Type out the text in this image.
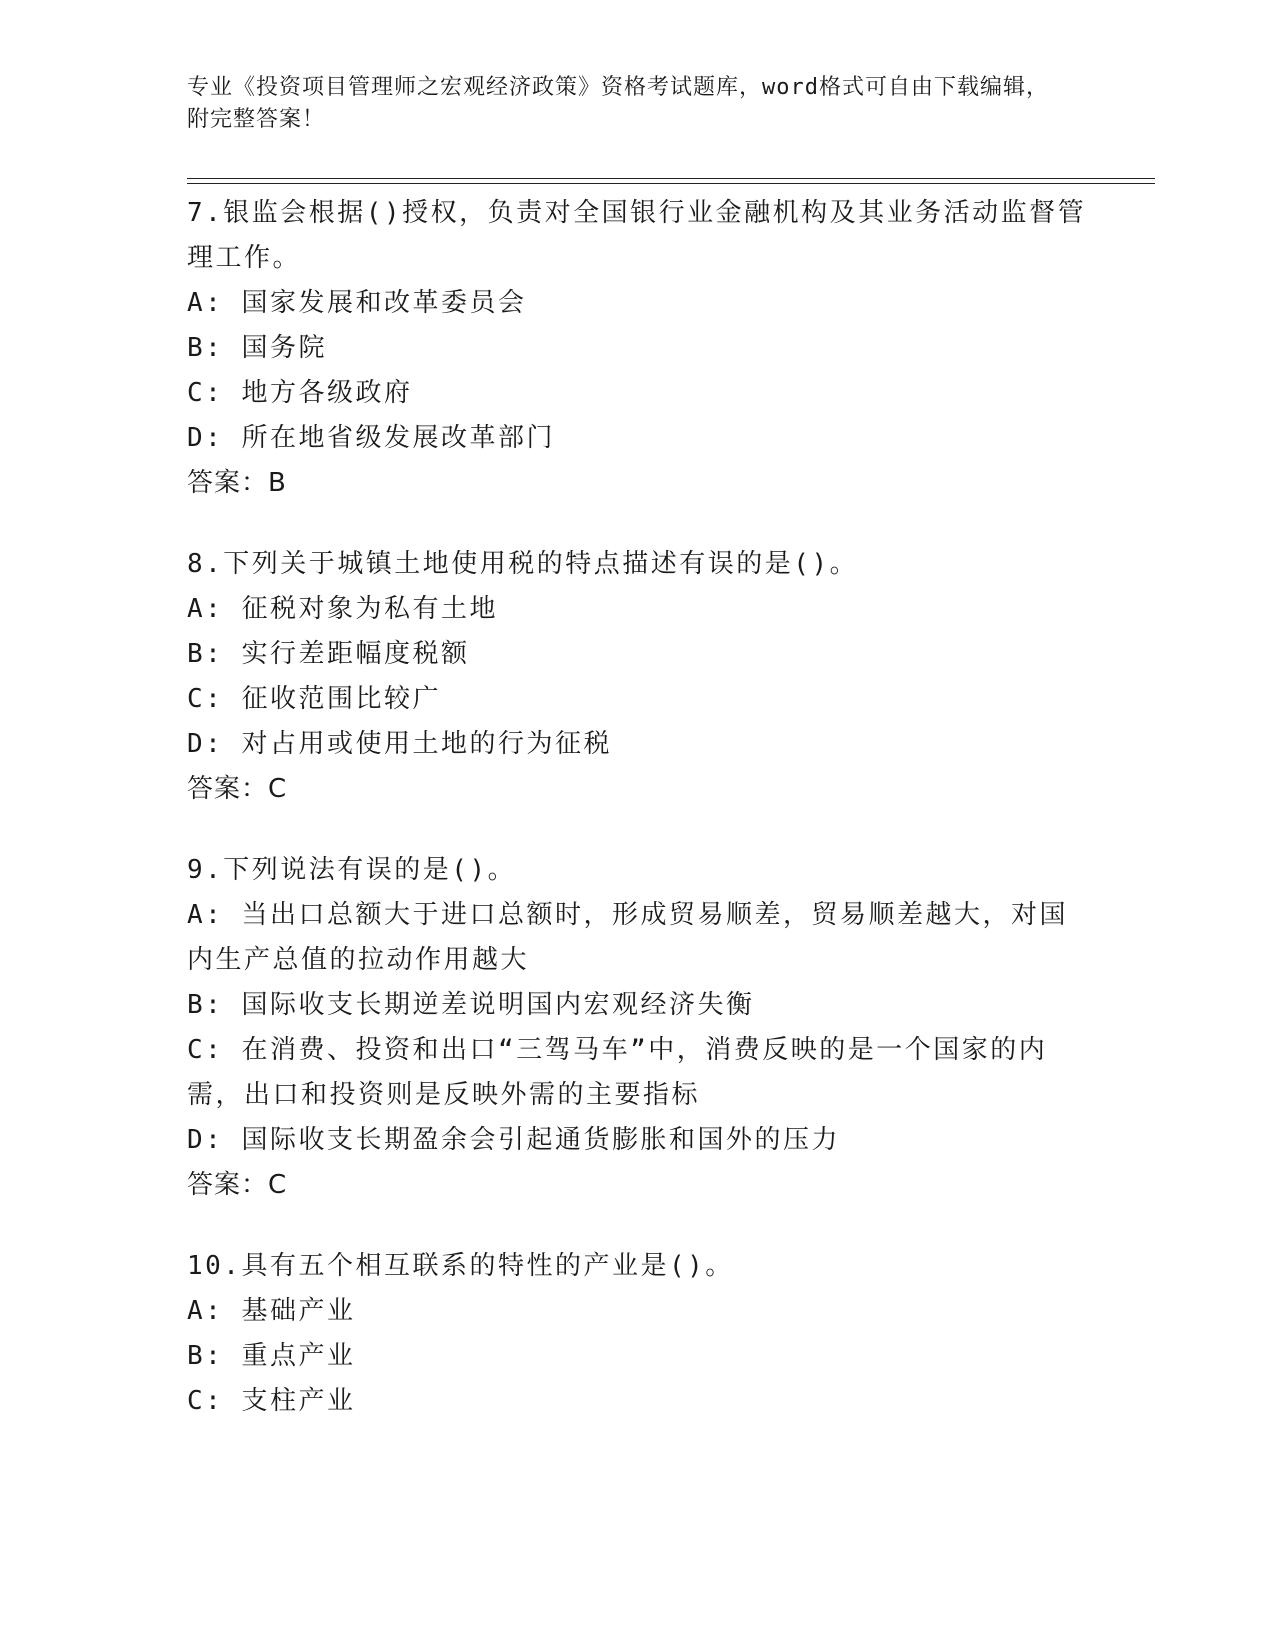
专业《投资项目管理师之宏观经济政策》资格考试题库，word格式可自由下载编辑，附完整答案！

7.银监会根据()授权，负责对全国银行业金融机构及其业务活动监督管理工作。

A: 国家发展和改革委员会

B: 国务院

C: 地方各级政府

D: 所在地省级发展改革部门

答案：B

8.下列关于城镇土地使用税的特点描述有误的是()。

A: 征税对象为私有土地

B: 实行差距幅度税额

C: 征收范围比较广

D: 对占用或使用土地的行为征税

答案：C

9.下列说法有误的是()。

A: 当出口总额大于进口总额时，形成贸易顺差，贸易顺差越大，对国内生产总值的拉动作用越大

B: 国际收支长期逆差说明国内宏观经济失衡

C: 在消费、投资和出口“三驾马车”中，消费反映的是一个国家的内需，出口和投资则是反映外需的主要指标

D: 国际收支长期盈余会引起通货膨胀和国外的压力

答案：C

10.具有五个相互联系的特性的产业是()。

A: 基础产业

B: 重点产业

C: 支柱产业
